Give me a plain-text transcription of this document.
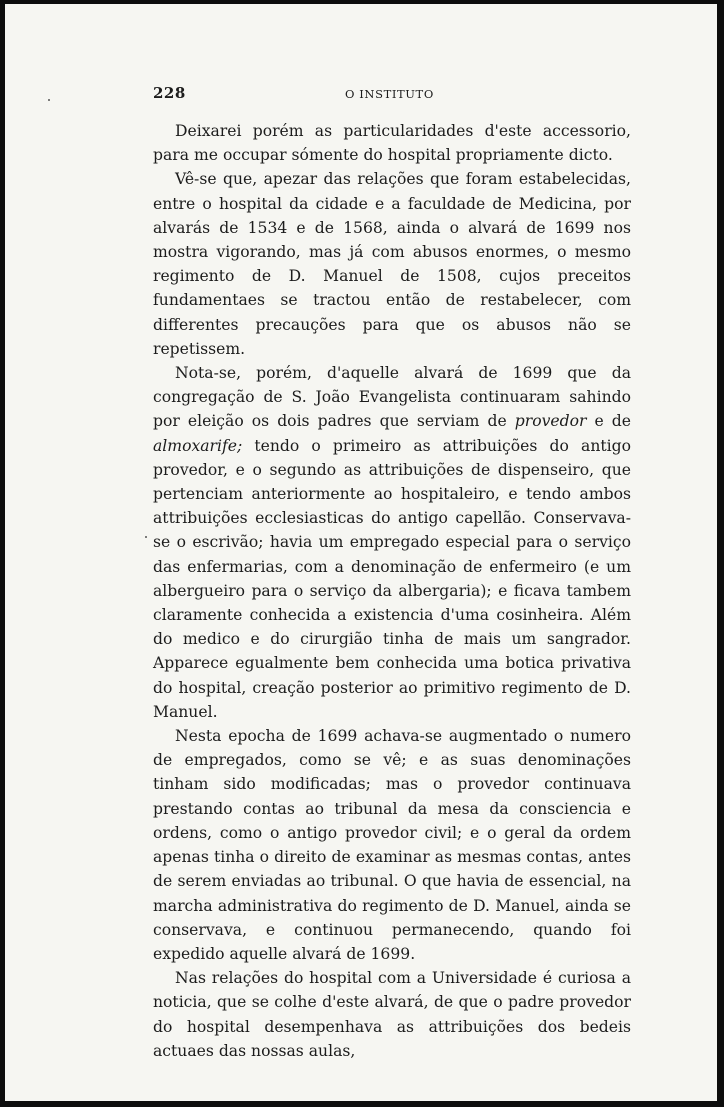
228	O INSTITUTO

Deixarei porém as particularidades d'este accessorio, para me occupar sómente do hospital propriamente dicto.

Vê-se que, apezar das relações que foram estabelecidas, entre o hospital da cidade e a faculdade de Medicina, por alvarás de 1534 e de 1568, ainda o alvará de 1699 nos mostra vigorando, mas já com abusos enormes, o mesmo regimento de D. Manuel de 1508, cujos preceitos fundamentaes se tractou então de restabelecer, com differentes precauções para que os abusos não se repetissem.

Nota-se, porém, d'aquelle alvará de 1699 que da congregação de S. João Evangelista continuaram sahindo por eleição os dois padres que serviam de provedor e de almoxarife; tendo o primeiro as attribuições do antigo provedor, e o segundo as attribuições de dispenseiro, que pertenciam anteriormente ao hospitaleiro, e tendo ambos attribuições ecclesiasticas do antigo capellão. Conservava-se o escrivão; havia um empregado especial para o serviço das enfermarias, com a denominação de enfermeiro (e um albergueiro para o serviço da albergaria); e ficava tambem claramente conhecida a existencia d'uma cosinheira. Além do medico e do cirurgião tinha de mais um sangrador. Apparece egualmente bem conhecida uma botica privativa do hospital, creação posterior ao primitivo regimento de D. Manuel.

Nesta epocha de 1699 achava-se augmentado o numero de empregados, como se vê; e as suas denominações tinham sido modificadas; mas o provedor continuava prestando contas ao tribunal da mesa da consciencia e ordens, como o antigo provedor civil; e o geral da ordem apenas tinha o direito de examinar as mesmas contas, antes de serem enviadas ao tribunal. O que havia de essencial, na marcha administrativa do regimento de D. Manuel, ainda se conservava, e continuou permanecendo, quando foi expedido aquelle alvará de 1699.

Nas relações do hospital com a Universidade é curiosa a noticia, que se colhe d'este alvará, de que o padre provedor do hospital desempenhava as attribuições dos bedeis actuaes das nossas aulas,
